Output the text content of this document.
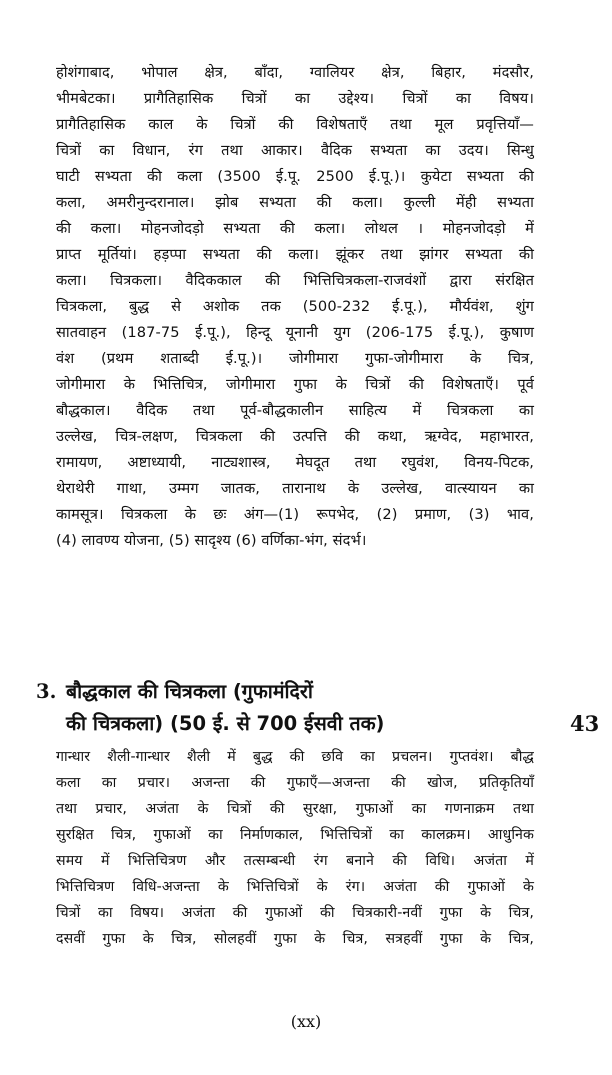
होशंगाबाद, भोपाल क्षेत्र, बाँदा, ग्वालियर क्षेत्र, बिहार, मंदसौर,
भीमबेटका। प्रागैतिहासिक चित्रों का उद्देश्य। चित्रों का विषय।
प्रागैतिहासिक काल के चित्रों की विशेषताएँ तथा मूल प्रवृत्तियाँ—
चित्रों का विधान, रंग तथा आकार। वैदिक सभ्यता का उदय। सिन्धु
घाटी सभ्यता की कला (3500 ई.पू. 2500 ई.पू.)। कुयेटा सभ्यता की
कला, अमरीनुन्दरानाल। झोब सभ्यता की कला। कुल्ली मेंही सभ्यता
की कला। मोहनजोदड़ो सभ्यता की कला। लोथल । मोहनजोदड़ो में
प्राप्त मूर्तियां। हड़प्पा सभ्यता की कला। झूंकर तथा झांगर सभ्यता की
कला। चित्रकला। वैदिककाल की भित्तिचित्रकला-राजवंशों द्वारा संरक्षित
चित्रकला, बुद्ध से अशोक तक (500-232 ई.पू.), मौर्यवंश, शुंग
सातवाहन (187-75 ई.पू.), हिन्दू यूनानी युग (206-175 ई.पू.), कुषाण
वंश (प्रथम शताब्दी ई.पू.)। जोगीमारा गुफा-जोगीमारा के चित्र,
जोगीमारा के भित्तिचित्र, जोगीमारा गुफा के चित्रों की विशेषताएँ। पूर्व
बौद्धकाल। वैदिक तथा पूर्व-बौद्धकालीन साहित्य में चित्रकला का
उल्लेख, चित्र-लक्षण, चित्रकला की उत्पत्ति की कथा, ऋग्वेद, महाभारत,
रामायण, अष्टाध्यायी, नाट्यशास्त्र, मेघदूत तथा रघुवंश, विनय-पिटक,
थेराथेरी गाथा, उम्मग जातक, तारानाथ के उल्लेख, वात्स्यायन का
कामसूत्र। चित्रकला के छः अंग—(1) रूपभेद, (2) प्रमाण, (3) भाव,
(4) लावण्य योजना, (5) सादृश्य (6) वर्णिका-भंग, संदर्भ।
3. बौद्धकाल की चित्रकला (गुफामंदिरों
की चित्रकला) (50 ई. से 700 ईसवी तक)	43
गान्धार शैली-गान्धार शैली में बुद्ध की छवि का प्रचलन। गुप्तवंश। बौद्ध
कला का प्रचार। अजन्ता की गुफाएँ—अजन्ता की खोज, प्रतिकृतियाँ
तथा प्रचार, अजंता के चित्रों की सुरक्षा, गुफाओं का गणनाक्रम तथा
सुरक्षित चित्र, गुफाओं का निर्माणकाल, भित्तिचित्रों का कालक्रम। आधुनिक
समय में भित्तिचित्रण और तत्सम्बन्धी रंग बनाने की विधि। अजंता में
भित्तिचित्रण विधि-अजन्ता के भित्तिचित्रों के रंग। अजंता की गुफाओं के
चित्रों का विषय। अजंता की गुफाओं की चित्रकारी-नवीं गुफा के चित्र,
दसवीं गुफा के चित्र, सोलहवीं गुफा के चित्र, सत्रहवीं गुफा के चित्र,
(xx)
